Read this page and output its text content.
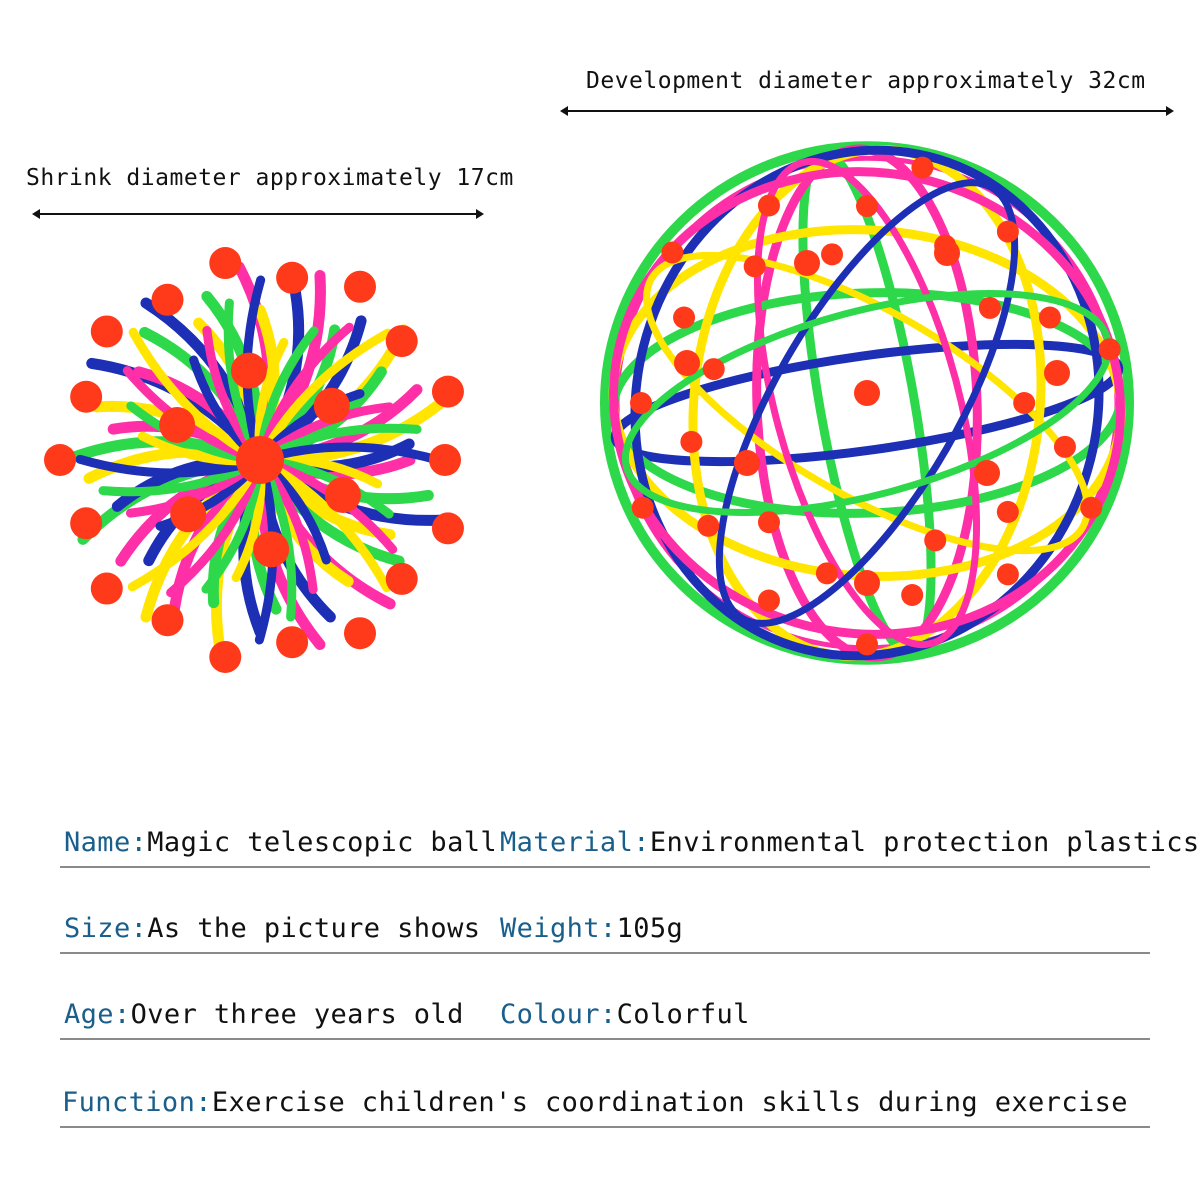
Shrink diameter approximately 17cm
Development diameter approximately 32cm
Name:Magic telescopic ball Material:Environmental protection plastics
Size:As the picture shows Weight:105g
Age:Over three years old Colour:Colorful
Function:Exercise children's coordination skills during exercise
